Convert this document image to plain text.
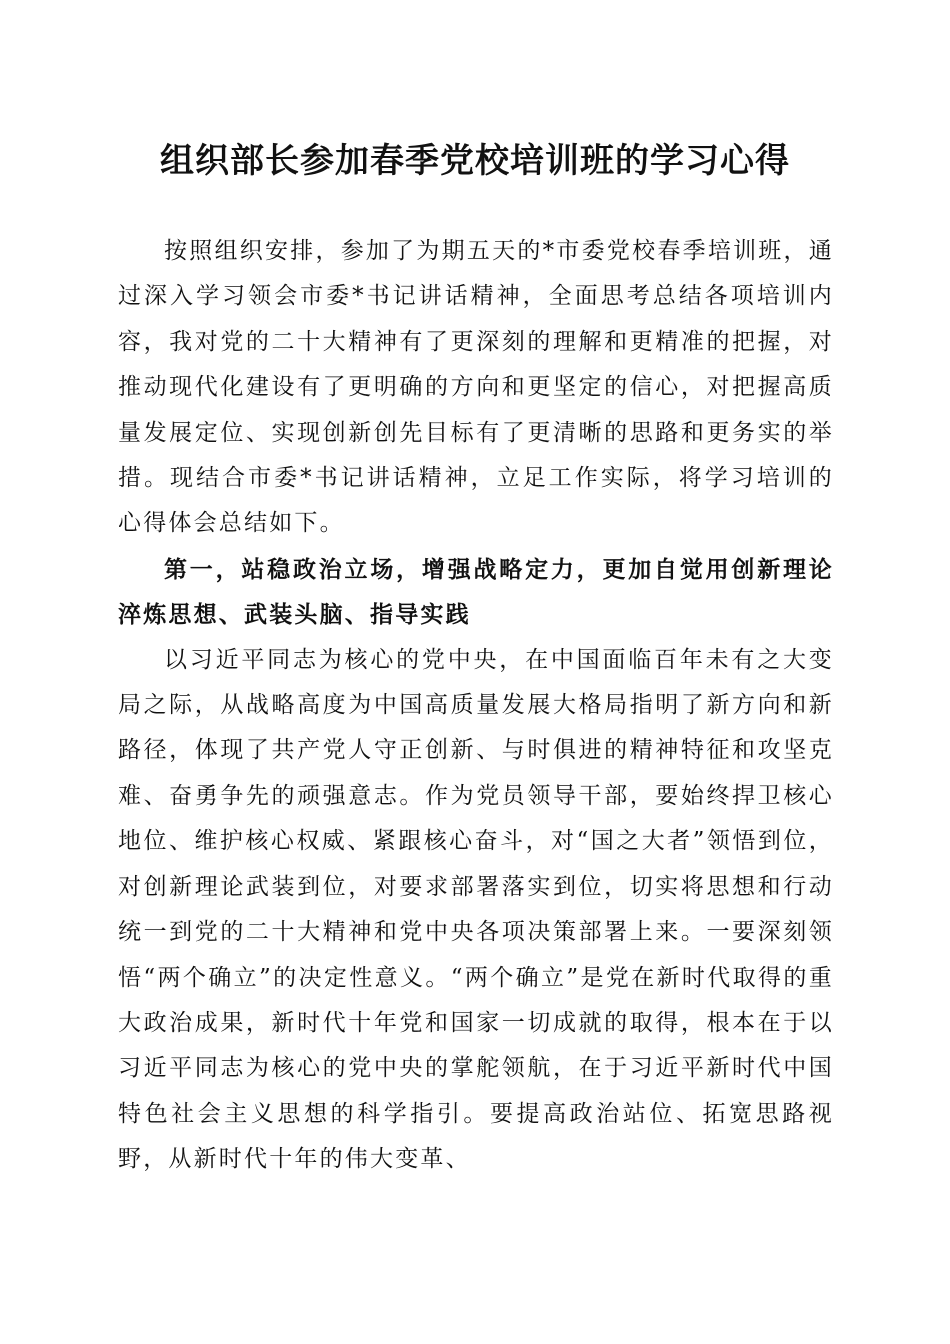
组织部长参加春季党校培训班的学习心得

按照组织安排，参加了为期五天的*市委党校春季培训班，通过深入学习领会市委*书记讲话精神，全面思考总结各项培训内容，我对党的二十大精神有了更深刻的理解和更精准的把握，对推动现代化建设有了更明确的方向和更坚定的信心，对把握高质量发展定位、实现创新创先目标有了更清晰的思路和更务实的举措。现结合市委*书记讲话精神，立足工作实际，将学习培训的心得体会总结如下。

第一，站稳政治立场，增强战略定力，更加自觉用创新理论淬炼思想、武装头脑、指导实践

以习近平同志为核心的党中央，在中国面临百年未有之大变局之际，从战略高度为中国高质量发展大格局指明了新方向和新路径，体现了共产党人守正创新、与时俱进的精神特征和攻坚克难、奋勇争先的顽强意志。作为党员领导干部，要始终捍卫核心地位、维护核心权威、紧跟核心奋斗，对“国之大者”领悟到位，对创新理论武装到位，对要求部署落实到位，切实将思想和行动统一到党的二十大精神和党中央各项决策部署上来。一要深刻领悟“两个确立”的决定性意义。“两个确立”是党在新时代取得的重大政治成果，新时代十年党和国家一切成就的取得，根本在于以习近平同志为核心的党中央的掌舵领航，在于习近平新时代中国特色社会主义思想的科学指引。要提高政治站位、拓宽思路视野，从新时代十年的伟大变革、
